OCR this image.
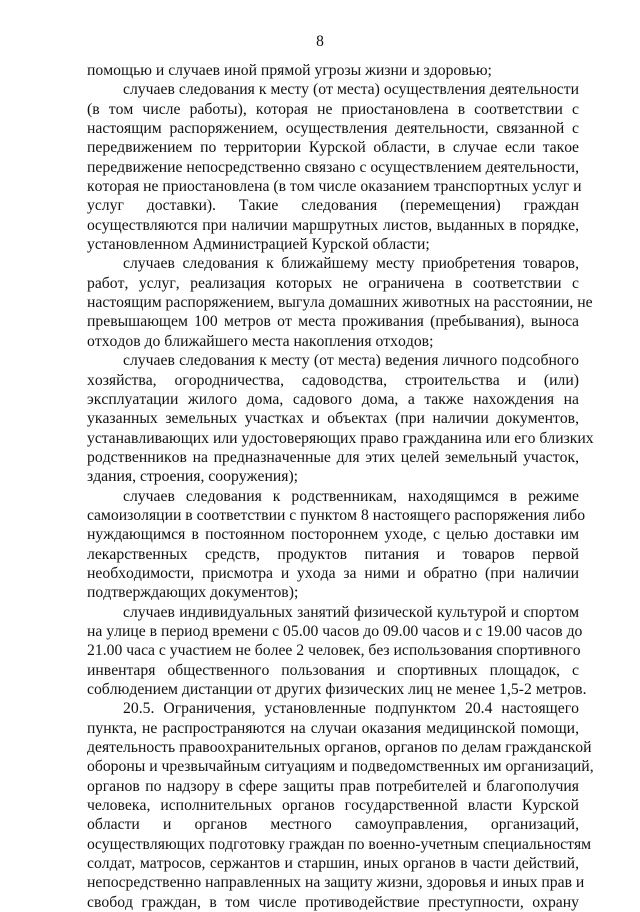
8
помощью и случаев иной прямой угрозы жизни и здоровью;
случаев следования к месту (от места) осуществления деятельности
(в том числе работы), которая не приостановлена в соответствии с
настоящим распоряжением, осуществления деятельности, связанной с
передвижением по территории Курской области, в случае если такое
передвижение непосредственно связано с осуществлением деятельности,
которая не приостановлена (в том числе оказанием транспортных услуг и
услуг доставки). Такие следования (перемещения) граждан
осуществляются при наличии маршрутных листов, выданных в порядке,
установленном Администрацией Курской области;
случаев следования к ближайшему месту приобретения товаров,
работ, услуг, реализация которых не ограничена в соответствии с
настоящим распоряжением, выгула домашних животных на расстоянии, не
превышающем 100 метров от места проживания (пребывания), выноса
отходов до ближайшего места накопления отходов;
случаев следования к месту (от места) ведения личного подсобного
хозяйства, огородничества, садоводства, строительства и (или)
эксплуатации жилого дома, садового дома, а также нахождения на
указанных земельных участках и объектах (при наличии документов,
устанавливающих или удостоверяющих право гражданина или его близких
родственников на предназначенные для этих целей земельный участок,
здания, строения, сооружения);
случаев следования к родственникам, находящимся в режиме
самоизоляции в соответствии с пунктом 8 настоящего распоряжения либо
нуждающимся в постоянном постороннем уходе, с целью доставки им
лекарственных средств, продуктов питания и товаров первой
необходимости, присмотра и ухода за ними и обратно (при наличии
подтверждающих документов);
случаев индивидуальных занятий физической культурой и спортом
на улице в период времени с 05.00 часов до 09.00 часов и с 19.00 часов до
21.00 часа с участием не более 2 человек, без использования спортивного
инвентаря общественного пользования и спортивных площадок, с
соблюдением дистанции от других физических лиц не менее 1,5-2 метров.
20.5. Ограничения, установленные подпунктом 20.4 настоящего
пункта, не распространяются на случаи оказания медицинской помощи,
деятельность правоохранительных органов, органов по делам гражданской
обороны и чрезвычайным ситуациям и подведомственных им организаций,
органов по надзору в сфере защиты прав потребителей и благополучия
человека, исполнительных органов государственной власти Курской
области и органов местного самоуправления, организаций,
осуществляющих подготовку граждан по военно-учетным специальностям
солдат, матросов, сержантов и старшин, иных органов в части действий,
непосредственно направленных на защиту жизни, здоровья и иных прав и
свобод граждан, в том числе противодействие преступности, охрану
